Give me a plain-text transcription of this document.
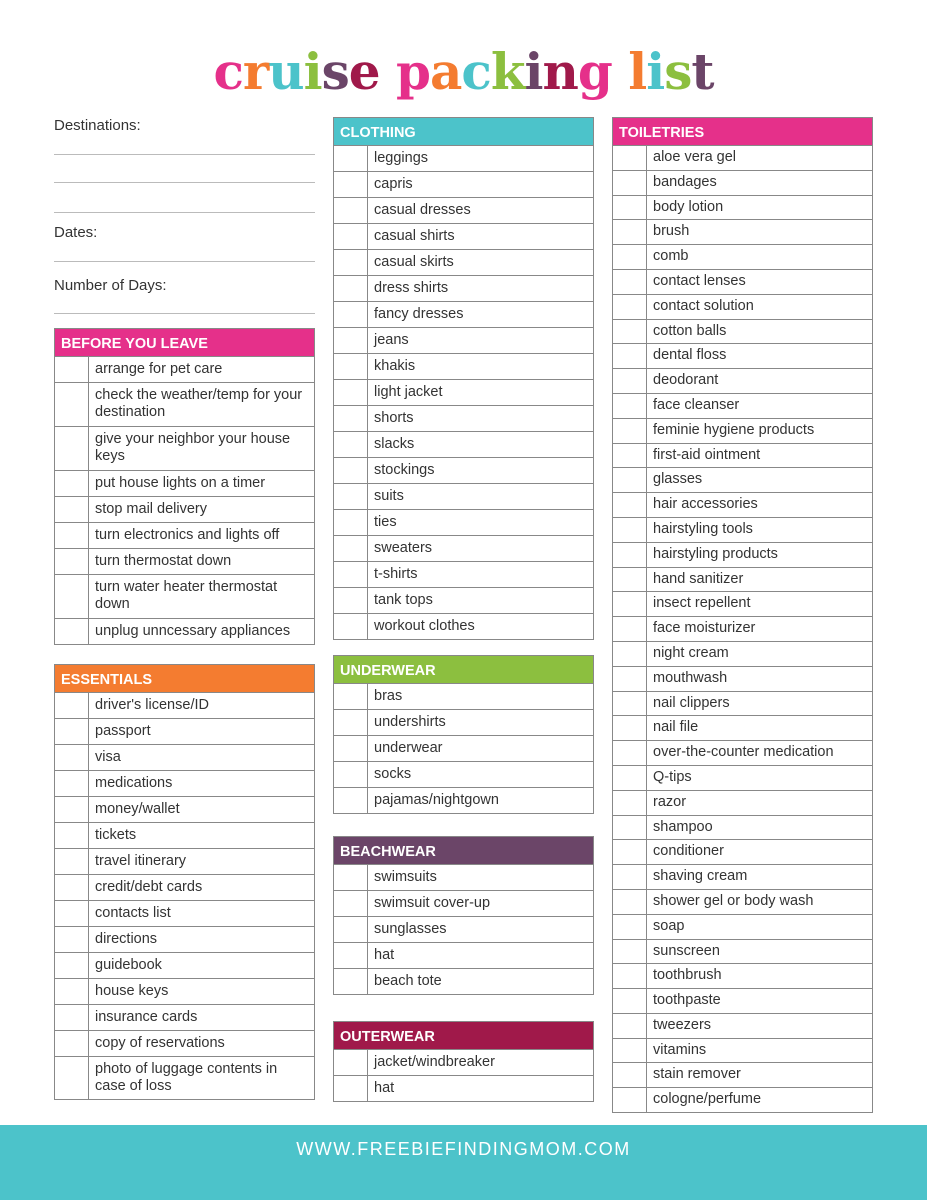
cruise packing list
Destinations:
Dates:
Number of Days:
BEFORE YOU LEAVE
arrange for pet care
check the weather/temp for your destination
give your neighbor your house keys
put house lights on a timer
stop mail delivery
turn electronics and lights off
turn thermostat down
turn water heater thermostat down
unplug unncessary appliances
ESSENTIALS
driver's license/ID
passport
visa
medications
money/wallet
tickets
travel itinerary
credit/debt cards
contacts list
directions
guidebook
house keys
insurance cards
copy of reservations
photo of luggage contents in case of loss
CLOTHING
leggings
capris
casual dresses
casual shirts
casual skirts
dress shirts
fancy dresses
jeans
khakis
light jacket
shorts
slacks
stockings
suits
ties
sweaters
t-shirts
tank tops
workout clothes
UNDERWEAR
bras
undershirts
underwear
socks
pajamas/nightgown
BEACHWEAR
swimsuits
swimsuit cover-up
sunglasses
hat
beach tote
OUTERWEAR
jacket/windbreaker
hat
TOILETRIES
aloe vera gel
bandages
body lotion
brush
comb
contact lenses
contact solution
cotton balls
dental floss
deodorant
face cleanser
feminie hygiene products
first-aid ointment
glasses
hair accessories
hairstyling tools
hairstyling products
hand sanitizer
insect repellent
face moisturizer
night cream
mouthwash
nail clippers
nail file
over-the-counter medication
Q-tips
razor
shampoo
conditioner
shaving cream
shower gel or body wash
soap
sunscreen
toothbrush
toothpaste
tweezers
vitamins
stain remover
cologne/perfume
WWW.FREEBIEFINDINGMOM.COM
